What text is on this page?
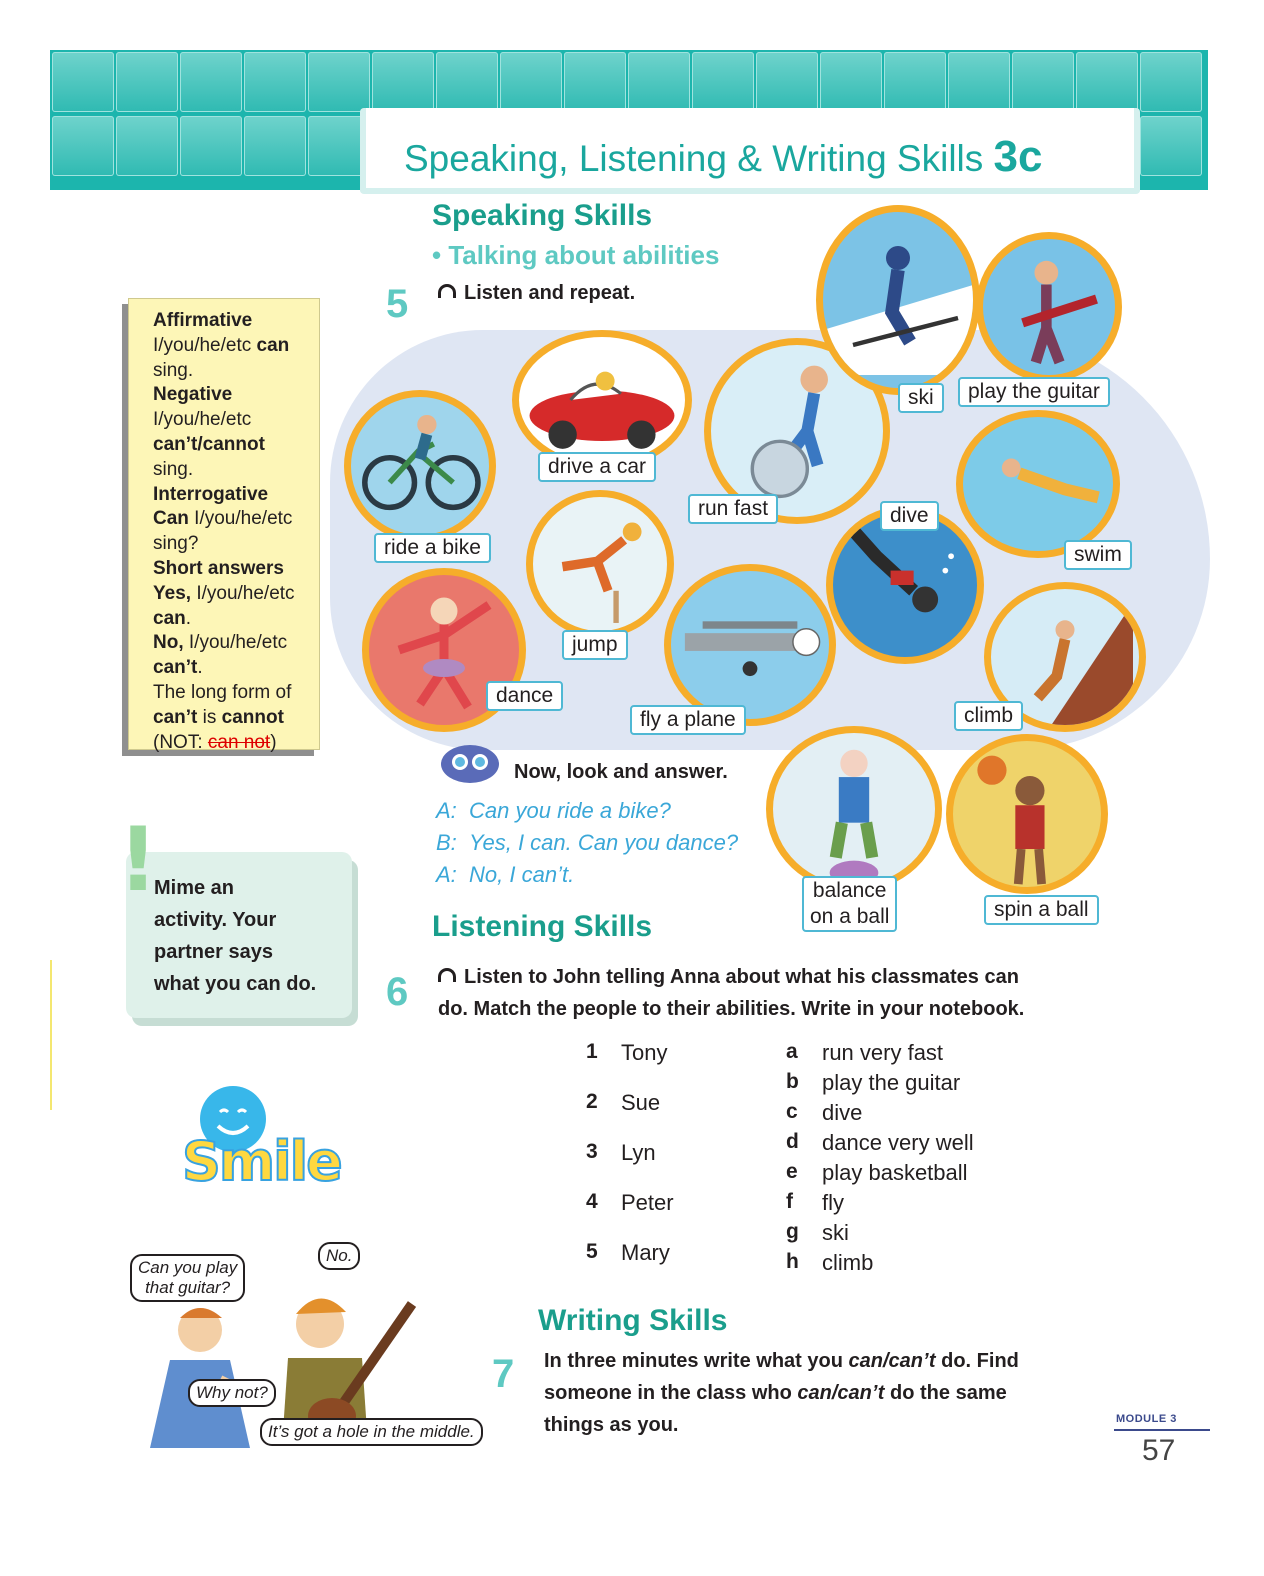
Speaking, Listening & Writing Skills 3c
Speaking Skills
• Talking about abilities
5	Listen and repeat.
Affirmative
I/you/he/etc can
sing.
Negative
I/you/he/etc
can’t/cannot sing.
Interrogative
Can I/you/he/etc
sing?
Short answers
Yes, I/you/he/etc
can.
No, I/you/he/etc
can’t.
The long form of
can’t is cannot
(NOT: can not)
ride a bike
drive a car
run fast
ski	play the guitar
dive
swim
jump
dance
fly a plane	climb
balance
on a ball	spin a ball
Now, look and answer.
A: Can you ride a bike?
B: Yes, I can. Can you dance?
A: No, I can’t.
Mime an
activity. Your
partner says
what you can do.
!
Listening Skills
6	Listen to John telling Anna about what his classmates can
do. Match the people to their abilities. Write in your notebook.
1 Tony
2 Sue
3 Lyn
4 Peter
5 Mary
a run very fast
b play the guitar
c dive
d dance very well
e play basketball
f fly
g ski
h climb
Writing Skills
7 In three minutes write what you can/can’t do. Find
someone in the class who can/can’t do the same
things as you.
Smile
Can you play
that guitar?
No.
Why not?
It’s got a hole in the middle.
MODULE 3
57
